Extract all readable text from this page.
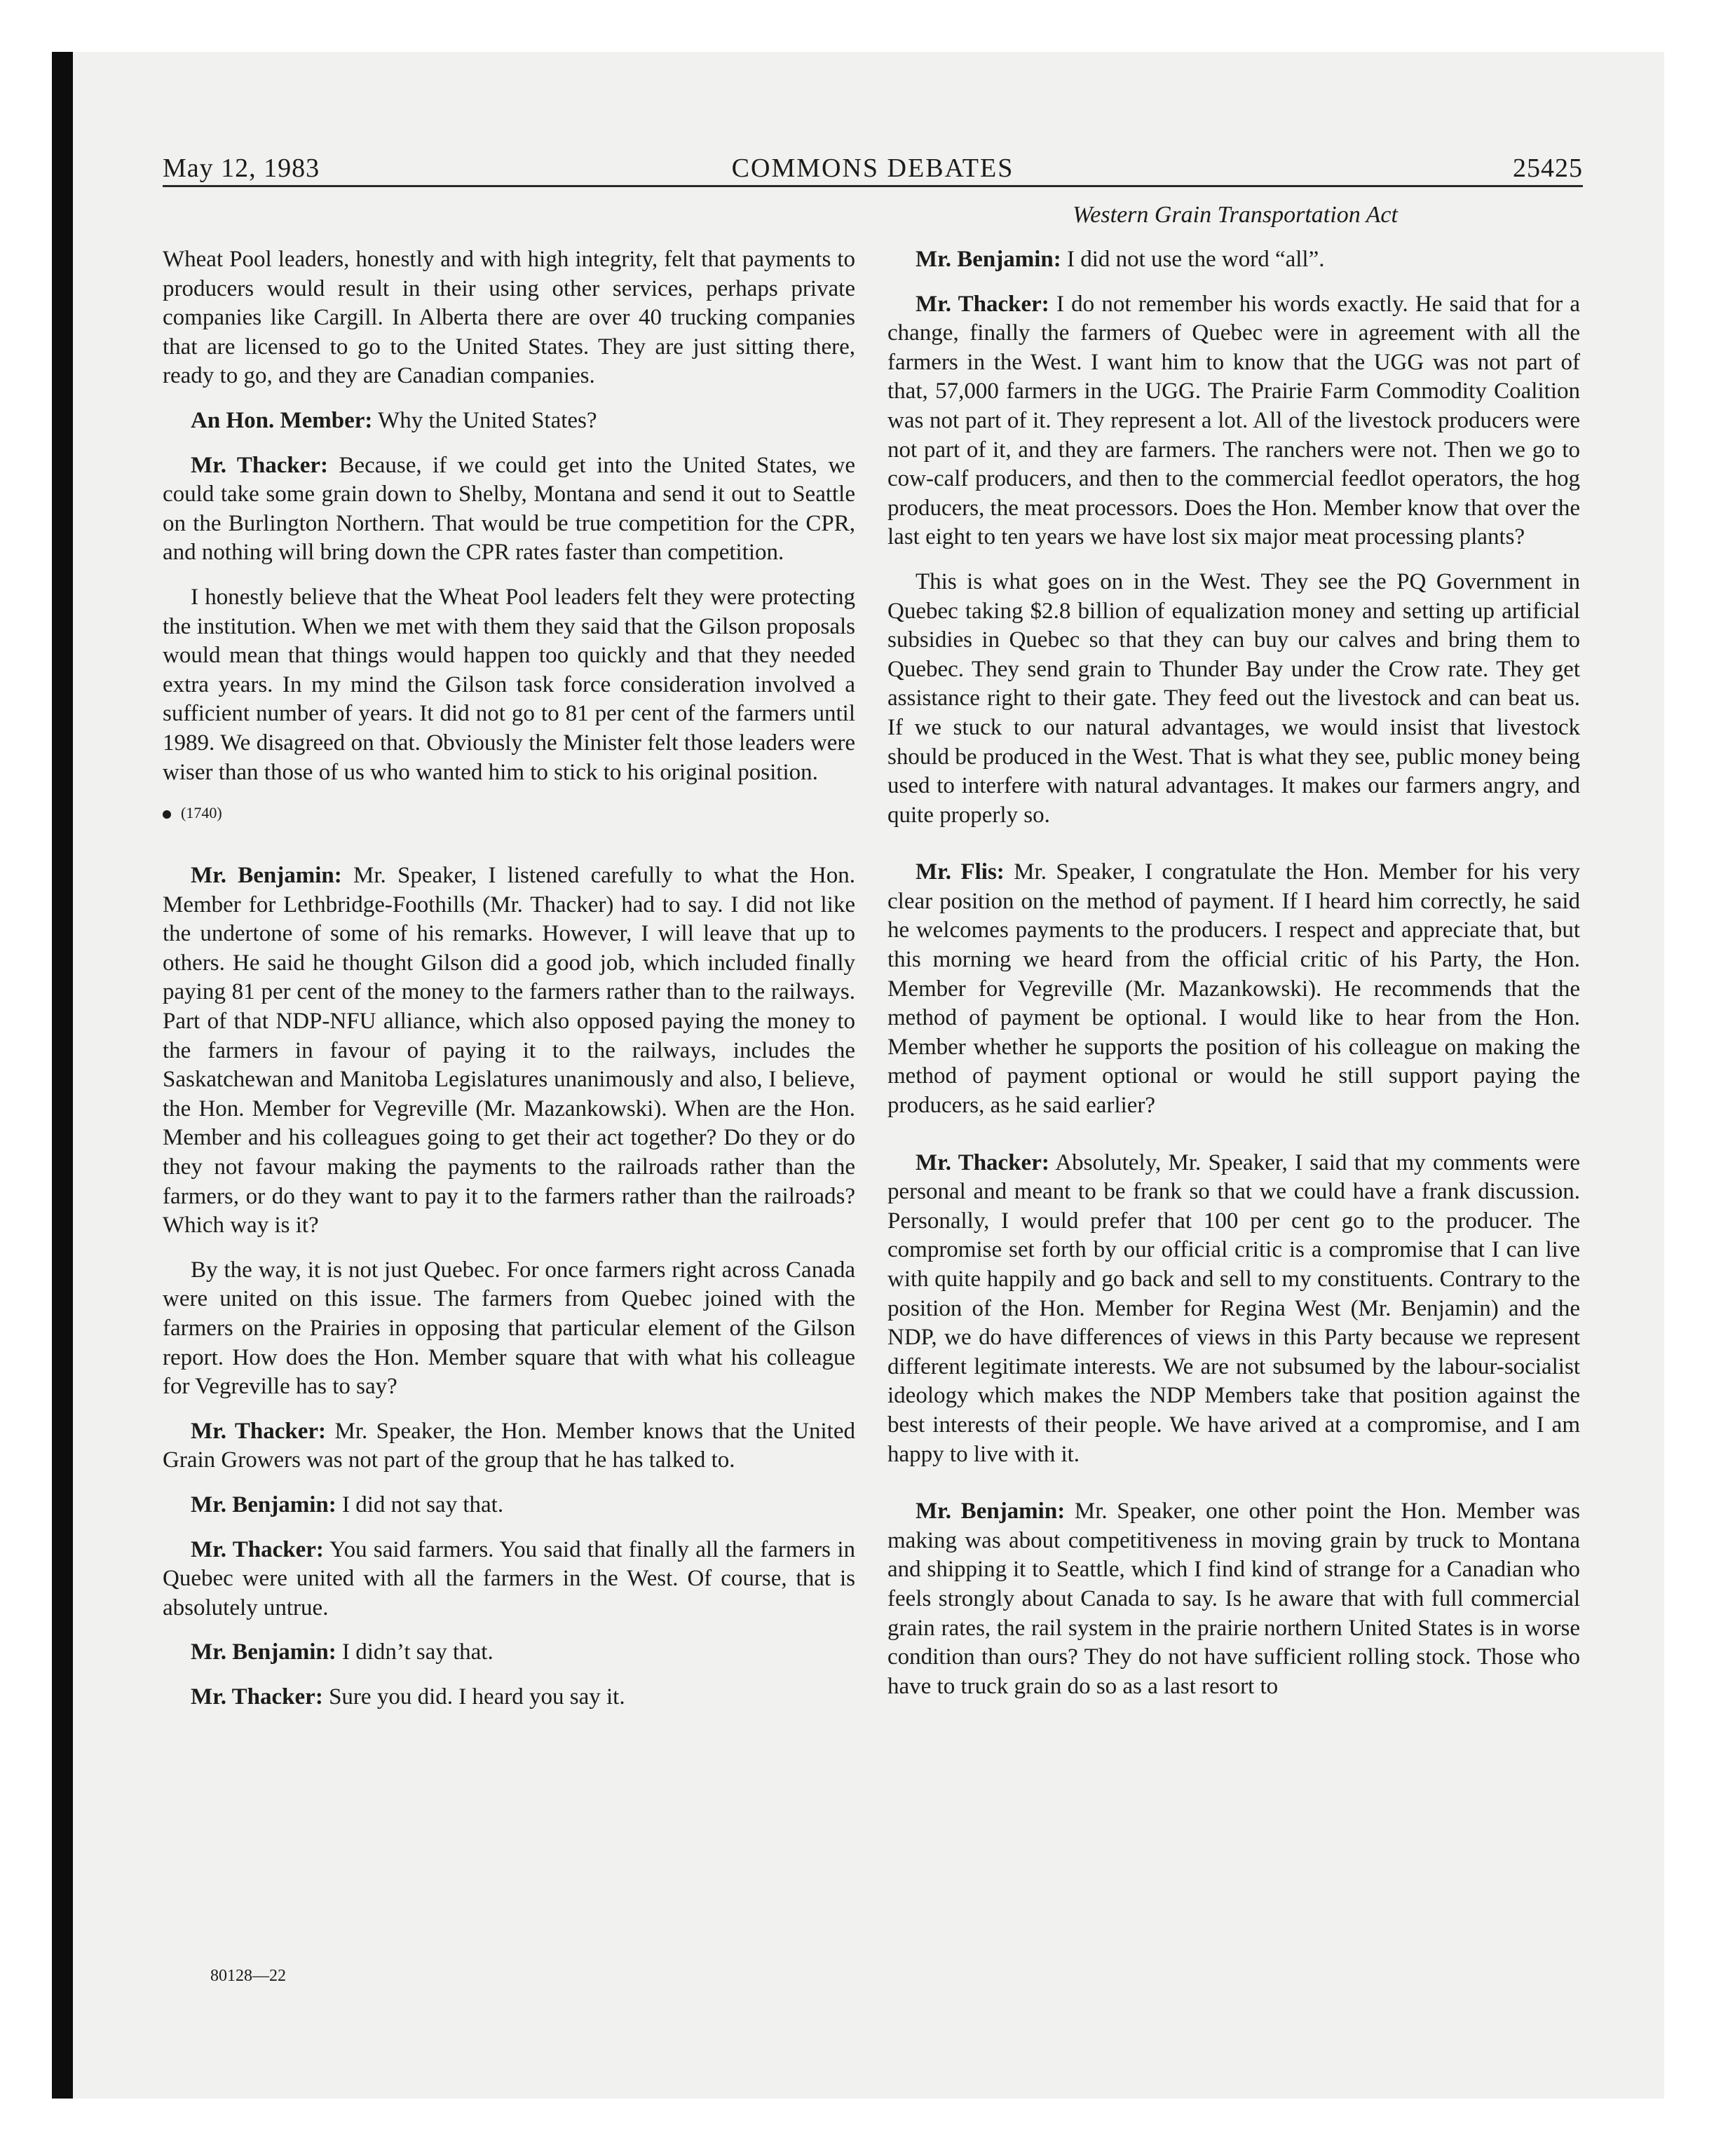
May 12, 1983	COMMONS DEBATES	25425
Western Grain Transportation Act

Wheat Pool leaders, honestly and with high integrity, felt that payments to producers would result in their using other services, perhaps private companies like Cargill. In Alberta there are over 40 trucking companies that are licensed to go to the United States. They are just sitting there, ready to go, and they are Canadian companies.

An Hon. Member: Why the United States?

Mr. Thacker: Because, if we could get into the United States, we could take some grain down to Shelby, Montana and send it out to Seattle on the Burlington Northern. That would be true competition for the CPR, and nothing will bring down the CPR rates faster than competition.

I honestly believe that the Wheat Pool leaders felt they were protecting the institution. When we met with them they said that the Gilson proposals would mean that things would happen too quickly and that they needed extra years. In my mind the Gilson task force consideration involved a sufficient number of years. It did not go to 81 per cent of the farmers until 1989. We disagreed on that. Obviously the Minister felt those leaders were wiser than those of us who wanted him to stick to his original position.

(1740)

Mr. Benjamin: Mr. Speaker, I listened carefully to what the Hon. Member for Lethbridge-Foothills (Mr. Thacker) had to say. I did not like the undertone of some of his remarks. However, I will leave that up to others. He said he thought Gilson did a good job, which included finally paying 81 per cent of the money to the farmers rather than to the railways. Part of that NDP-NFU alliance, which also opposed paying the money to the farmers in favour of paying it to the railways, includes the Saskatchewan and Manitoba Legislatures unanimously and also, I believe, the Hon. Member for Vegreville (Mr. Mazankowski). When are the Hon. Member and his colleagues going to get their act together? Do they or do they not favour making the payments to the railroads rather than the farmers, or do they want to pay it to the farmers rather than the railroads? Which way is it?

By the way, it is not just Quebec. For once farmers right across Canada were united on this issue. The farmers from Quebec joined with the farmers on the Prairies in opposing that particular element of the Gilson report. How does the Hon. Member square that with what his colleague for Vegreville has to say?

Mr. Thacker: Mr. Speaker, the Hon. Member knows that the United Grain Growers was not part of the group that he has talked to.

Mr. Benjamin: I did not say that.

Mr. Thacker: You said farmers. You said that finally all the farmers in Quebec were united with all the farmers in the West. Of course, that is absolutely untrue.

Mr. Benjamin: I didn’t say that.

Mr. Thacker: Sure you did. I heard you say it.

Mr. Benjamin: I did not use the word “all”.

Mr. Thacker: I do not remember his words exactly. He said that for a change, finally the farmers of Quebec were in agreement with all the farmers in the West. I want him to know that the UGG was not part of that, 57,000 farmers in the UGG. The Prairie Farm Commodity Coalition was not part of it. They represent a lot. All of the livestock producers were not part of it, and they are farmers. The ranchers were not. Then we go to cow-calf producers, and then to the commercial feedlot operators, the hog producers, the meat processors. Does the Hon. Member know that over the last eight to ten years we have lost six major meat processing plants?

This is what goes on in the West. They see the PQ Government in Quebec taking $2.8 billion of equalization money and setting up artificial subsidies in Quebec so that they can buy our calves and bring them to Quebec. They send grain to Thunder Bay under the Crow rate. They get assistance right to their gate. They feed out the livestock and can beat us. If we stuck to our natural advantages, we would insist that livestock should be produced in the West. That is what they see, public money being used to interfere with natural advantages. It makes our farmers angry, and quite properly so.

Mr. Flis: Mr. Speaker, I congratulate the Hon. Member for his very clear position on the method of payment. If I heard him correctly, he said he welcomes payments to the producers. I respect and appreciate that, but this morning we heard from the official critic of his Party, the Hon. Member for Vegreville (Mr. Mazankowski). He recommends that the method of payment be optional. I would like to hear from the Hon. Member whether he supports the position of his colleague on making the method of payment optional or would he still support paying the producers, as he said earlier?

Mr. Thacker: Absolutely, Mr. Speaker, I said that my comments were personal and meant to be frank so that we could have a frank discussion. Personally, I would prefer that 100 per cent go to the producer. The compromise set forth by our official critic is a compromise that I can live with quite happily and go back and sell to my constituents. Contrary to the position of the Hon. Member for Regina West (Mr. Benjamin) and the NDP, we do have differences of views in this Party because we represent different legitimate interests. We are not subsumed by the labour-socialist ideology which makes the NDP Members take that position against the best interests of their people. We have arived at a compromise, and I am happy to live with it.

Mr. Benjamin: Mr. Speaker, one other point the Hon. Member was making was about competitiveness in moving grain by truck to Montana and shipping it to Seattle, which I find kind of strange for a Canadian who feels strongly about Canada to say. Is he aware that with full commercial grain rates, the rail system in the prairie northern United States is in worse condition than ours? They do not have sufficient rolling stock. Those who have to truck grain do so as a last resort to

80128—22
